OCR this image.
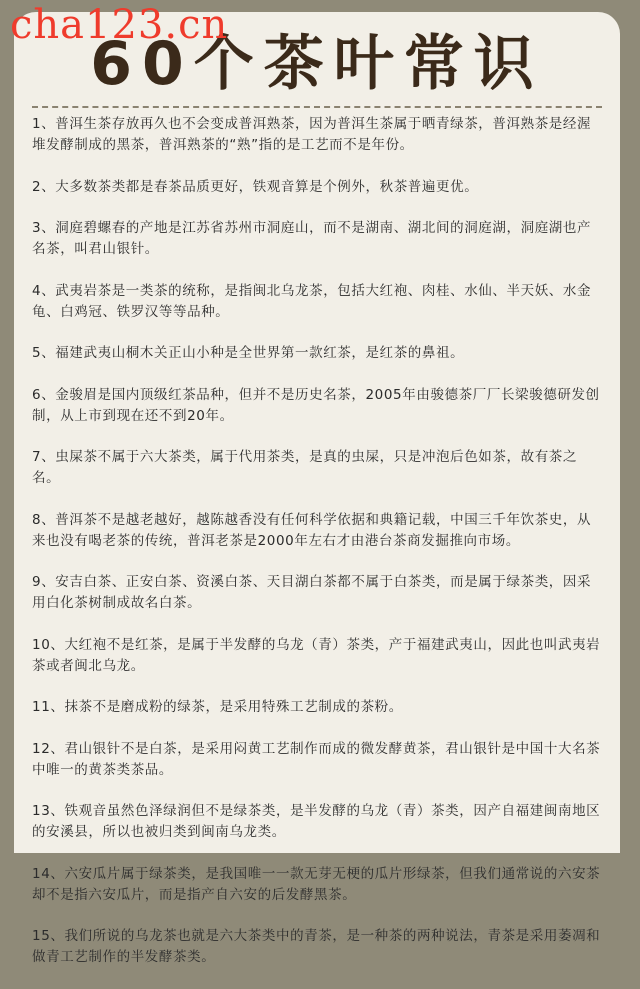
60个茶叶常识

1、普洱生茶存放再久也不会变成普洱熟茶，因为普洱生茶属于晒青绿茶，普洱熟茶是经渥堆发酵制成的黑茶，普洱熟茶的“熟”指的是工艺而不是年份。

2、大多数茶类都是春茶品质更好，铁观音算是个例外，秋茶普遍更优。

3、洞庭碧螺春的产地是江苏省苏州市洞庭山，而不是湖南、湖北间的洞庭湖，洞庭湖也产名茶，叫君山银针。

4、武夷岩茶是一类茶的统称，是指闽北乌龙茶，包括大红袍、肉桂、水仙、半天妖、水金龟、白鸡冠、铁罗汉等等品种。

5、福建武夷山桐木关正山小种是全世界第一款红茶，是红茶的鼻祖。

6、金骏眉是国内顶级红茶品种，但并不是历史名茶，2005年由骏德茶厂厂长梁骏德研发创制，从上市到现在还不到20年。

7、虫屎茶不属于六大茶类，属于代用茶类，是真的虫屎，只是冲泡后色如茶，故有茶之名。

8、普洱茶不是越老越好，越陈越香没有任何科学依据和典籍记载，中国三千年饮茶史，从来也没有喝老茶的传统，普洱老茶是2000年左右才由港台茶商发掘推向市场。

9、安吉白茶、正安白茶、资溪白茶、天目湖白茶都不属于白茶类，而是属于绿茶类，因采用白化茶树制成故名白茶。

10、大红袍不是红茶，是属于半发酵的乌龙（青）茶类，产于福建武夷山，因此也叫武夷岩茶或者闽北乌龙。

11、抹茶不是磨成粉的绿茶，是采用特殊工艺制成的茶粉。

12、君山银针不是白茶，是采用闷黄工艺制作而成的微发酵黄茶，君山银针是中国十大名茶中唯一的黄茶类茶品。

13、铁观音虽然色泽绿润但不是绿茶类，是半发酵的乌龙（青）茶类，因产自福建闽南地区的安溪县，所以也被归类到闽南乌龙类。

14、六安瓜片属于绿茶类，是我国唯一一款无芽无梗的瓜片形绿茶，但我们通常说的六安茶却不是指六安瓜片，而是指产自六安的后发酵黑茶。

15、我们所说的乌龙茶也就是六大茶类中的青茶，是一种茶的两种说法，青茶是采用萎凋和做青工艺制作的半发酵茶类。

cha123.cn
